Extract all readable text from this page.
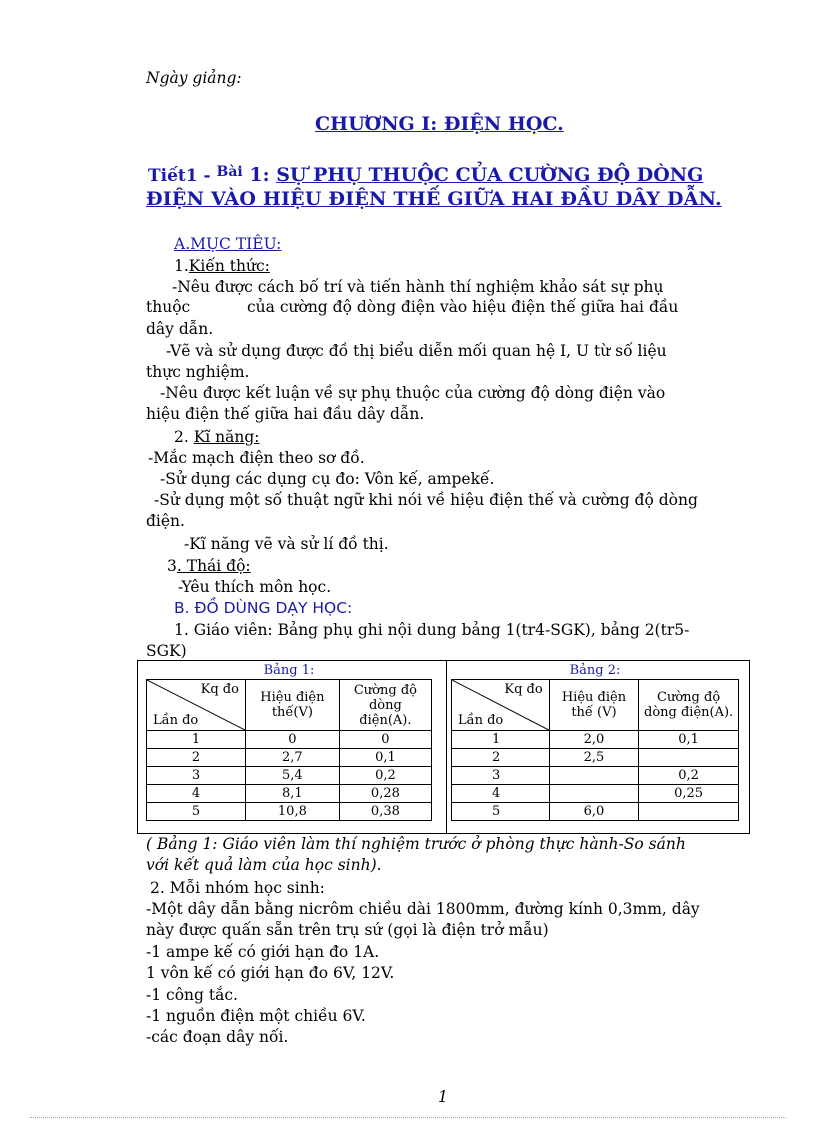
Ngày giảng:
CHƯƠNG I: ĐIỆN HỌC.
Tiết1 - Bài 1: SỰ PHỤ THUỘC CỦA CƯỜNG ĐỘ DÒNG
ĐIỆN VÀO HIỆU ĐIỆN THẾ GIỮA HAI ĐẦU DÂY DẪN.
A.MỤC TIÊU:
1.Kiến thức:
-Nêu được cách bố trí và tiến hành thí nghiệm khảo sát sự phụ
thuộc	của cường độ dòng điện vào hiệu điện thế giữa hai đầu
dây dẫn.
-Vẽ và sử dụng được đồ thị biểu diễn mối quan hệ I, U từ số liệu
thực nghiệm.
-Nêu được kết luận về sự phụ thuộc của cường độ dòng điện vào
hiệu điện thế giữa hai đầu dây dẫn.
2. Kĩ năng:
-Mắc mạch điện theo sơ đồ.
-Sử dụng các dụng cụ đo: Vôn kế, ampekế.
-Sử dụng một số thuật ngữ khi nói về hiệu điện thế và cường độ dòng
điện.
-Kĩ năng vẽ và sử lí đồ thị.
3. Thái độ:
-Yêu thích môn học.
B. ĐỒ DÙNG DẠY HỌC:
1. Giáo viên: Bảng phụ ghi nội dung bảng 1(tr4-SGK), bảng 2(tr5-
SGK)
Bảng 1:		

Kq đo
Lần đo	Hiệu điện thế(V)	Cường độ dòng điện(A).
1	0	0
2	2,7	0,1
3	5,4	0,2
4	8,1	0,28
5	10,8	0,38
Bảng 2:		

Kq đo
Lần đo	Hiệu điện thế (V)	Cường độ dòng điện(A).
1	2,0	0,1
2	2,5	
3		0,2
4		0,25
5	6,0	
( Bảng 1: Giáo viên làm thí nghiệm trước ở phòng thực hành-So sánh
với kết quả làm của học sinh).
2. Mỗi nhóm học sinh:
-Một dây dẫn bằng nicrôm chiều dài 1800mm, đường kính 0,3mm, dây
này được quấn sẵn trên trụ sứ (gọi là điện trở mẫu)
-1 ampe kế có giới hạn đo 1A.
1 vôn kế có giới hạn đo 6V, 12V.
-1 công tắc.
-1 nguồn điện một chiều 6V.
-các đoạn dây nối.
1
